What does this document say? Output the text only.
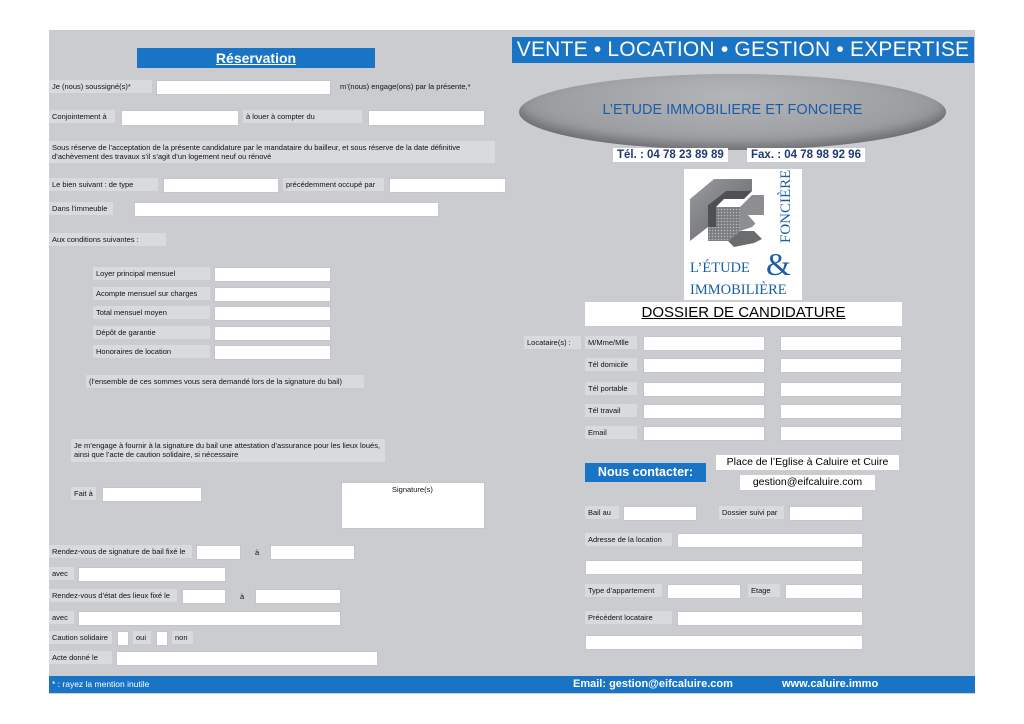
Réservation
Je (nous) soussigné(s)*	m’(nous) engage(ons) par la présente,*
Conjointement à	à louer à compter du
Sous réserve de l’acceptation de la présente candidature par le mandataire du bailleur, et sous réserve de la date définitive d’achèvement des travaux s’il s’agit d’un logement neuf ou rénové
Le bien suivant : de type	précédemment occupé par
Dans l’immeuble
Aux conditions suivantes :
Loyer principal mensuel
Acompte mensuel sur charges
Total mensuel moyen
Dépôt de garantie
Honoraires de location
(l’ensemble de ces sommes vous sera demandé lors de la signature du bail)
Je m’engage à fournir à la signature du bail une attestation d’assurance pour les lieux loués, ainsi que l’acte de caution solidaire, si nécessaire
Fait à	Signature(s)
Rendez-vous de signature de bail fixé le	à
avec
Rendez-vous d’état des lieux fixé le	à
avec
Caution solidaire	oui	non
Acte donné le
VENTE • LOCATION • GESTION • EXPERTISE
L’ETUDE IMMOBILIERE ET FONCIERE
Tél. : 04 78 23 89 89	Fax. : 04 78 98 92 96
FONCIÈRE
&
L’ÉTUDE
IMMOBILIÈRE
DOSSIER DE CANDIDATURE
Locataire(s) :	M/Mme/Mlle
Tél domicile
Tél portable
Tél travail
Email
Nous contacter:
Place de l’Eglise à Caluire et Cuire
gestion@eifcaluire.com
Bail au	Dossier suivi par
Adresse de la location
Type d’appartement	Etage
Précédent locataire
* : rayez la mention inutile	Email: gestion@eifcaluire.com	www.caluire.immo
